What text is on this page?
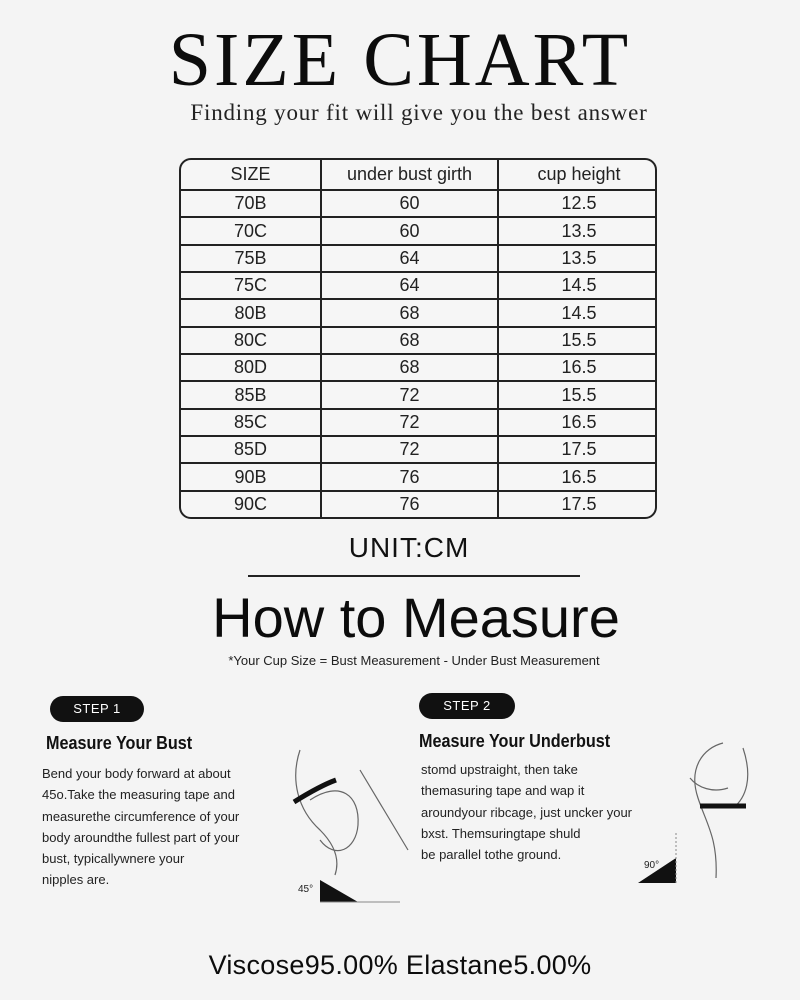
SIZE CHART
Finding your fit will give you the best answer
SIZE	under bust girth	cup height
70B	60	12.5
70C	60	13.5
75B	64	13.5
75C	64	14.5
80B	68	14.5
80C	68	15.5
80D	68	16.5
85B	72	15.5
85C	72	16.5
85D	72	17.5
90B	76	16.5
90C	76	17.5
UNIT:CM
How to Measure
*Your Cup Size = Bust Measurement - Under Bust Measurement
STEP 1
Measure Your Bust
Bend your body forward at about
45o.Take the measuring tape and
measurethe circumference of your
body aroundthe fullest part of your
bust, typicallywnere your
nipples are.
45°
STEP 2
Measure Your Underbust
stomd upstraight, then take
themasuring tape and wap it
aroundyour ribcage, just uncker your
bxst. Themsuringtape shuld
be parallel tothe ground.
90°
Viscose95.00% Elastane5.00%
